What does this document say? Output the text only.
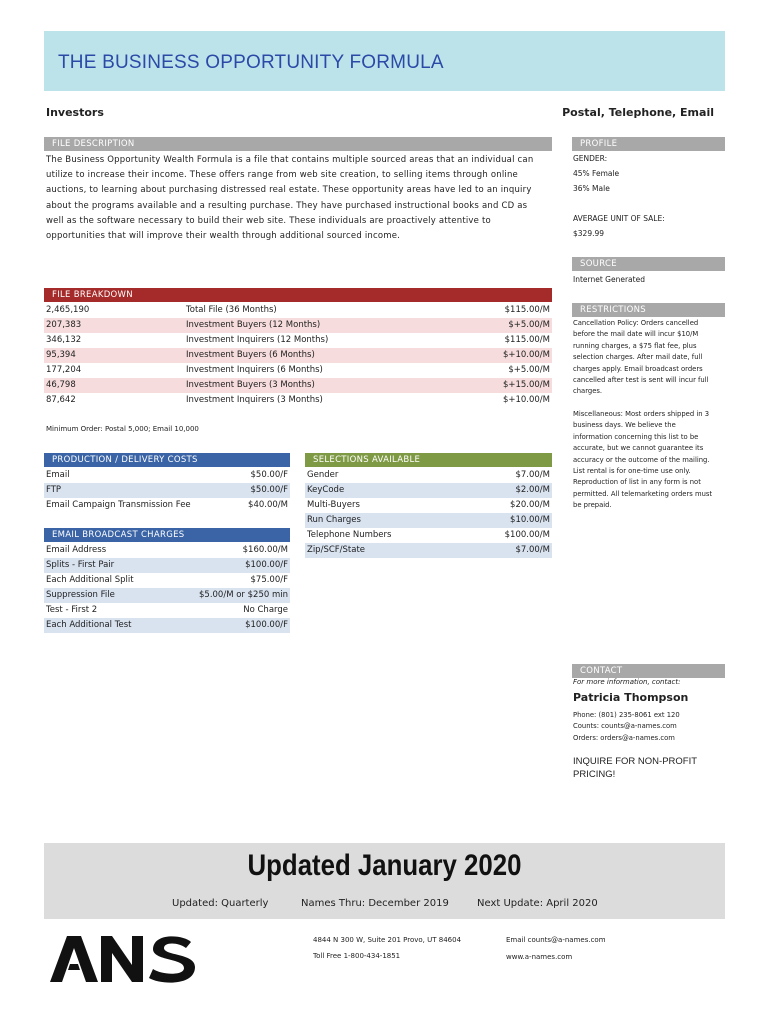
THE BUSINESS OPPORTUNITY FORMULA
Investors	Postal, Telephone, Email
FILE DESCRIPTION
The Business Opportunity Wealth Formula is a file that contains multiple sourced areas that an individual can
utilize to increase their income. These offers range from web site creation, to selling items through online
auctions, to learning about purchasing distressed real estate. These opportunity areas have led to an inquiry
about the programs available and a resulting purchase. They have purchased instructional books and CD as
well as the software necessary to build their web site. These individuals are proactively attentive to
opportunities that will improve their wealth through additional sourced income.
PROFILE
GENDER:
45% Female
36% Male
AVERAGE UNIT OF SALE:
$329.99
SOURCE
Internet Generated
RESTRICTIONS
Cancellation Policy: Orders cancelled
before the mail date will incur $10/M
running charges, a $75 flat fee, plus
selection charges. After mail date, full
charges apply. Email broadcast orders
cancelled after test is sent will incur full
charges.
Miscellaneous: Most orders shipped in 3
business days. We believe the
information concerning this list to be
accurate, but we cannot guarantee its
accuracy or the outcome of the mailing.
List rental is for one-time use only.
Reproduction of list in any form is not
permitted. All telemarketing orders must
be prepaid.
FILE BREAKDOWN
2,465,190	Total File (36 Months)	$115.00/M
207,383	Investment Buyers (12 Months)	$+5.00/M
346,132	Investment Inquirers (12 Months)	$115.00/M
95,394	Investment Buyers (6 Months)	$+10.00/M
177,204	Investment Inquirers (6 Months)	$+5.00/M
46,798	Investment Buyers (3 Months)	$+15.00/M
87,642	Investment Inquirers (3 Months)	$+10.00/M
Minimum Order: Postal 5,000; Email 10,000
PRODUCTION / DELIVERY COSTS
Email	$50.00/F
FTP	$50.00/F
Email Campaign Transmission Fee	$40.00/M
EMAIL BROADCAST CHARGES
Email Address	$160.00/M
Splits - First Pair	$100.00/F
Each Additional Split	$75.00/F
Suppression File	$5.00/M or $250 min
Test - First 2	No Charge
Each Additional Test	$100.00/F
SELECTIONS AVAILABLE
Gender	$7.00/M
KeyCode	$2.00/M
Multi-Buyers	$20.00/M
Run Charges	$10.00/M
Telephone Numbers	$100.00/M
Zip/SCF/State	$7.00/M
CONTACT
For more information, contact:
Patricia Thompson
Phone: (801) 235-8061 ext 120
Counts: counts@a-names.com
Orders: orders@a-names.com
INQUIRE FOR NON-PROFIT
PRICING!
Updated January 2020
Updated: Quarterly	Names Thru: December 2019	Next Update: April 2020
4844 N 300 W, Suite 201 Provo, UT 84604
Toll Free 1-800-434-1851
Email counts@a-names.com
www.a-names.com
